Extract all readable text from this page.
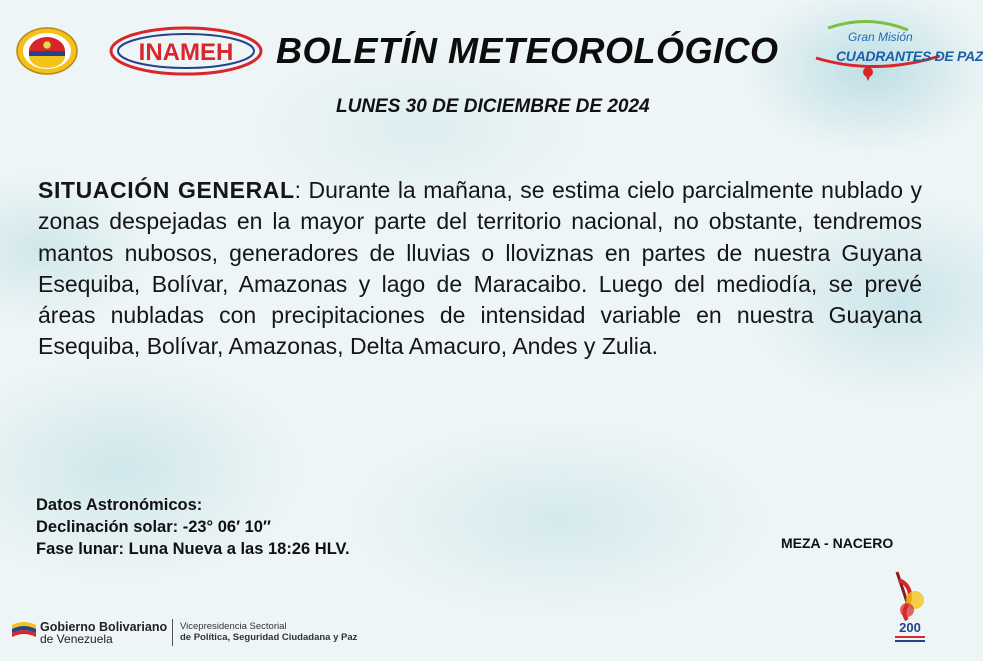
INAMEH BOLETÍN METEOROLÓGICO	Gran Misión
CUADRANTES DE PAZ
LUNES 30 DE DICIEMBRE DE 2024
SITUACIÓN GENERAL: Durante la mañana, se estima cielo parcialmente nublado y zonas despejadas en la mayor parte del territorio nacional, no obstante, tendremos mantos nubosos, generadores de lluvias o lloviznas en partes de nuestra Guyana Esequiba, Bolívar, Amazonas y lago de Maracaibo. Luego del mediodía, se prevé áreas nubladas con precipitaciones de intensidad variable en nuestra Guayana Esequiba, Bolívar, Amazonas, Delta Amacuro, Andes y Zulia.
Datos Astronómicos:
Declinación solar: -23° 06′ 10″
Fase lunar: Luna Nueva a las 18:26 HLV.	MEZA - NACERO
Gobierno Bolivariano
de Venezuela
Vicepresidencia Sectorial
de Política, Seguridad Ciudadana y Paz
200
